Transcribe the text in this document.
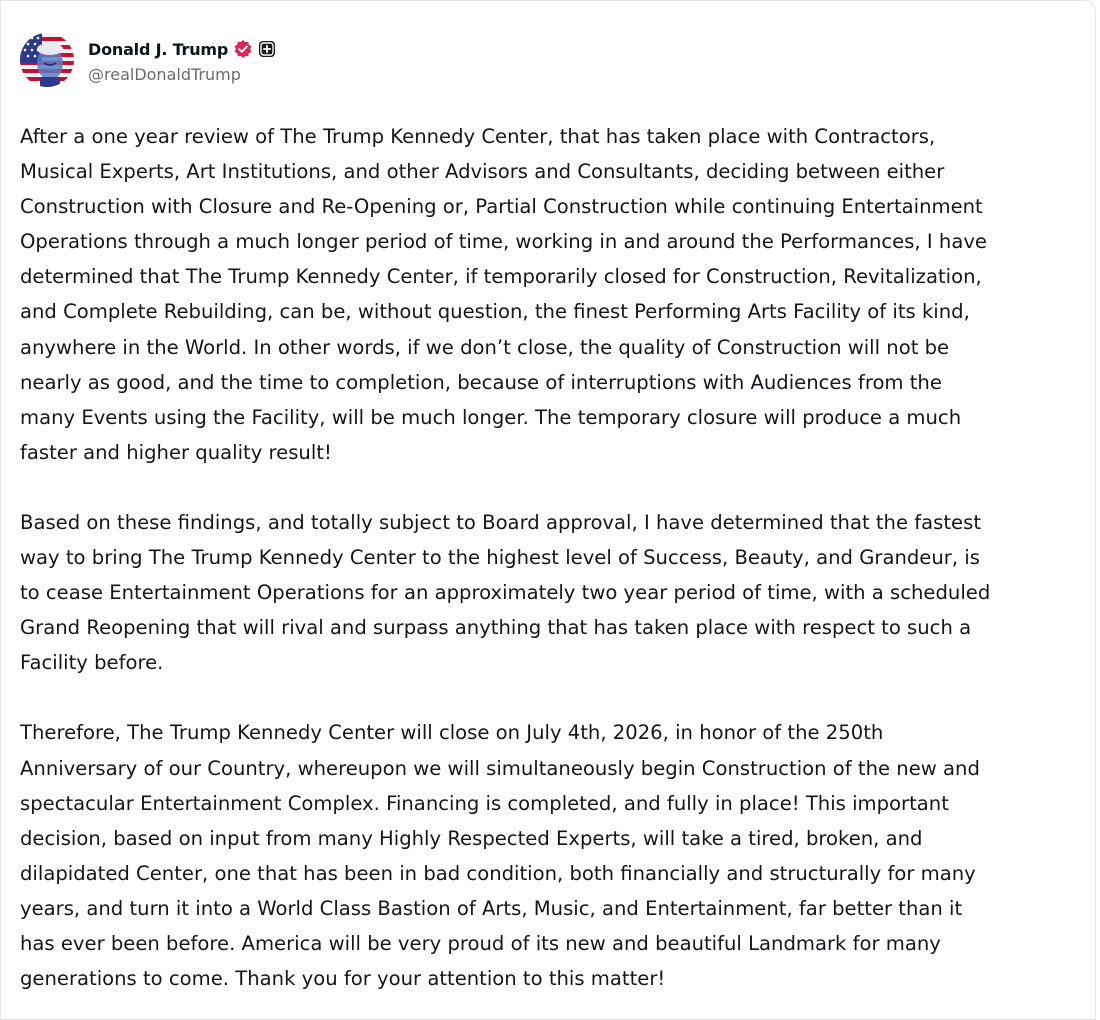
Donald J. Trump
@realDonaldTrump

After a one year review of The Trump Kennedy Center, that has taken place with Contractors,
Musical Experts, Art Institutions, and other Advisors and Consultants, deciding between either
Construction with Closure and Re-Opening or, Partial Construction while continuing Entertainment
Operations through a much longer period of time, working in and around the Performances, I have
determined that The Trump Kennedy Center, if temporarily closed for Construction, Revitalization,
and Complete Rebuilding, can be, without question, the finest Performing Arts Facility of its kind,
anywhere in the World. In other words, if we don’t close, the quality of Construction will not be
nearly as good, and the time to completion, because of interruptions with Audiences from the
many Events using the Facility, will be much longer. The temporary closure will produce a much
faster and higher quality result!

Based on these findings, and totally subject to Board approval, I have determined that the fastest
way to bring The Trump Kennedy Center to the highest level of Success, Beauty, and Grandeur, is
to cease Entertainment Operations for an approximately two year period of time, with a scheduled
Grand Reopening that will rival and surpass anything that has taken place with respect to such a
Facility before.

Therefore, The Trump Kennedy Center will close on July 4th, 2026, in honor of the 250th
Anniversary of our Country, whereupon we will simultaneously begin Construction of the new and
spectacular Entertainment Complex. Financing is completed, and fully in place! This important
decision, based on input from many Highly Respected Experts, will take a tired, broken, and
dilapidated Center, one that has been in bad condition, both financially and structurally for many
years, and turn it into a World Class Bastion of Arts, Music, and Entertainment, far better than it
has ever been before. America will be very proud of its new and beautiful Landmark for many
generations to come. Thank you for your attention to this matter!
